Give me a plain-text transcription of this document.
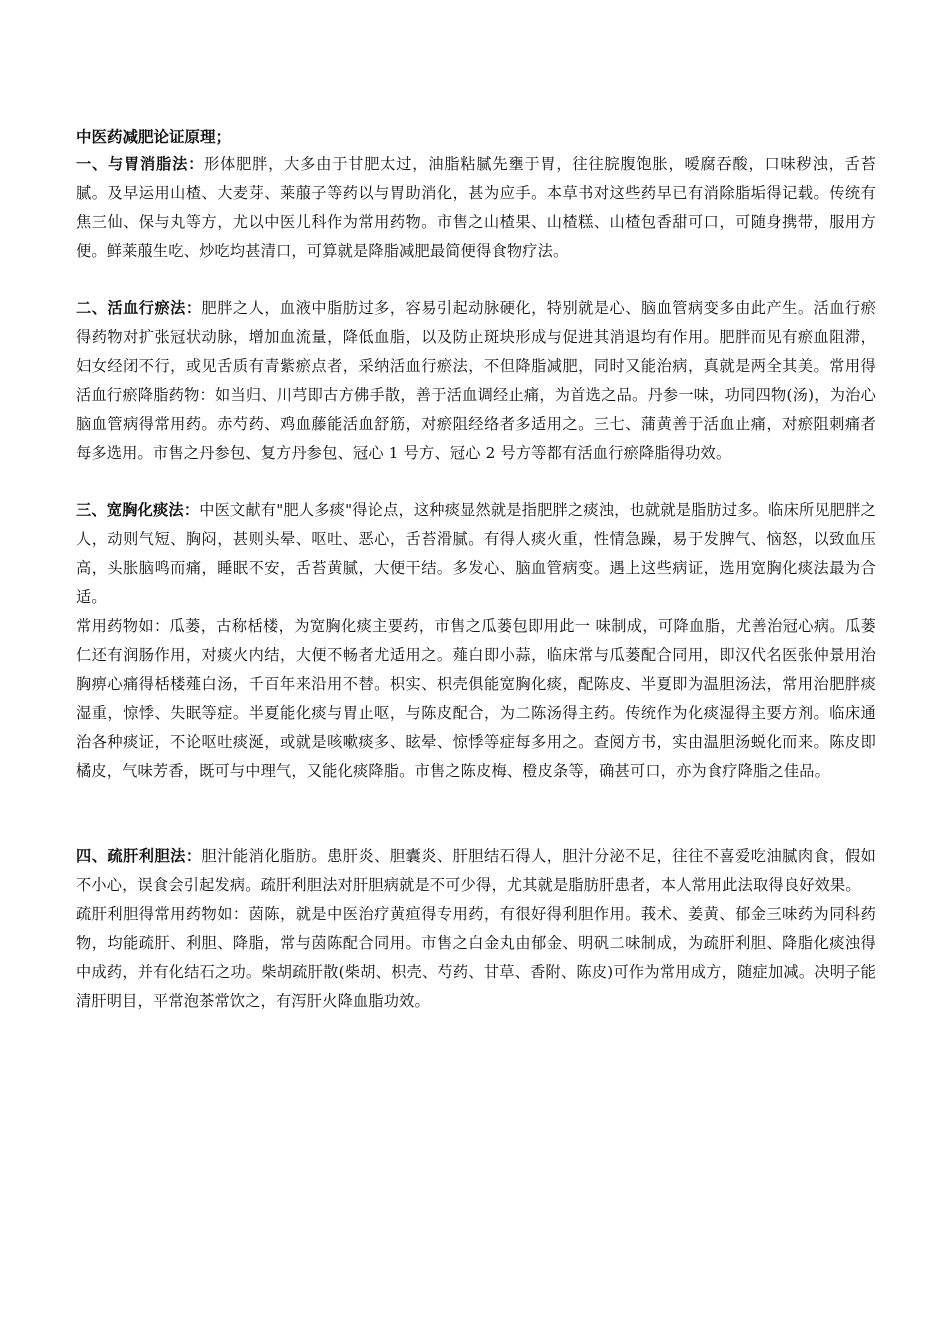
中医药减肥论证原理；

一、与胃消脂法：形体肥胖，大多由于甘肥太过，油脂粘腻先壅于胃，往往脘腹饱胀，嗳腐吞酸，口味秽浊，舌苔腻。及早运用山楂、大麦芽、莱菔子等药以与胃助消化，甚为应手。本草书对这些药早已有消除脂垢得记载。传统有焦三仙、保与丸等方，尤以中医儿科作为常用药物。市售之山楂果、山楂糕、山楂包香甜可口，可随身携带，服用方便。鲜莱菔生吃、炒吃均甚清口，可算就是降脂减肥最简便得食物疗法。

二、活血行瘀法：肥胖之人，血液中脂肪过多，容易引起动脉硬化，特别就是心、脑血管病变多由此产生。活血行瘀得药物对扩张冠状动脉，增加血流量，降低血脂，以及防止斑块形成与促进其消退均有作用。肥胖而见有瘀血阻滞，妇女经闭不行，或见舌质有青紫瘀点者，采纳活血行瘀法，不但降脂减肥，同时又能治病，真就是两全其美。常用得活血行瘀降脂药物：如当归、川芎即古方佛手散，善于活血调经止痛，为首选之品。丹参一味，功同四物(汤)，为治心脑血管病得常用药。赤芍药、鸡血藤能活血舒筋，对瘀阻经络者多适用之。三七、蒲黄善于活血止痛，对瘀阻刺痛者每多选用。市售之丹参包、复方丹参包、冠心 1 号方、冠心 2 号方等都有活血行瘀降脂得功效。

三、宽胸化痰法：中医文献有"肥人多痰"得论点，这种痰显然就是指肥胖之痰浊，也就就是脂肪过多。临床所见肥胖之人，动则气短、胸闷，甚则头晕、呕吐、恶心，舌苔滑腻。有得人痰火重，性情急躁，易于发脾气、恼怒，以致血压高，头胀脑鸣而痛，睡眠不安，舌苔黄腻，大便干结。多发心、脑血管病变。遇上这些病证，选用宽胸化痰法最为合适。

常用药物如：瓜蒌，古称栝楼，为宽胸化痰主要药，市售之瓜蒌包即用此一 味制成，可降血脂，尤善治冠心病。瓜蒌仁还有润肠作用，对痰火内结，大便不畅者尤适用之。薤白即小蒜，临床常与瓜蒌配合同用，即汉代名医张仲景用治胸痹心痛得栝楼薤白汤，千百年来沿用不替。枳实、枳壳俱能宽胸化痰，配陈皮、半夏即为温胆汤法，常用治肥胖痰湿重，惊悸、失眠等症。半夏能化痰与胃止呕，与陈皮配合，为二陈汤得主药。传统作为化痰湿得主要方剂。临床通治各种痰证，不论呕吐痰涎，或就是咳嗽痰多、眩晕、惊悸等症每多用之。查阅方书，实由温胆汤蜕化而来。陈皮即橘皮，气味芳香，既可与中理气，又能化痰降脂。市售之陈皮梅、橙皮条等，确甚可口，亦为食疗降脂之佳品。

四、疏肝利胆法：胆汁能消化脂肪。患肝炎、胆囊炎、肝胆结石得人，胆汁分泌不足，往往不喜爱吃油腻肉食，假如不小心，误食会引起发病。疏肝利胆法对肝胆病就是不可少得，尤其就是脂肪肝患者，本人常用此法取得良好效果。

疏肝利胆得常用药物如：茵陈，就是中医治疗黄疸得专用药，有很好得利胆作用。莪术、姜黄、郁金三味药为同科药物，均能疏肝、利胆、降脂，常与茵陈配合同用。市售之白金丸由郁金、明矾二味制成，为疏肝利胆、降脂化痰浊得中成药，并有化结石之功。柴胡疏肝散(柴胡、枳壳、芍药、甘草、香附、陈皮)可作为常用成方，随症加减。决明子能清肝明目，平常泡茶常饮之，有泻肝火降血脂功效。
